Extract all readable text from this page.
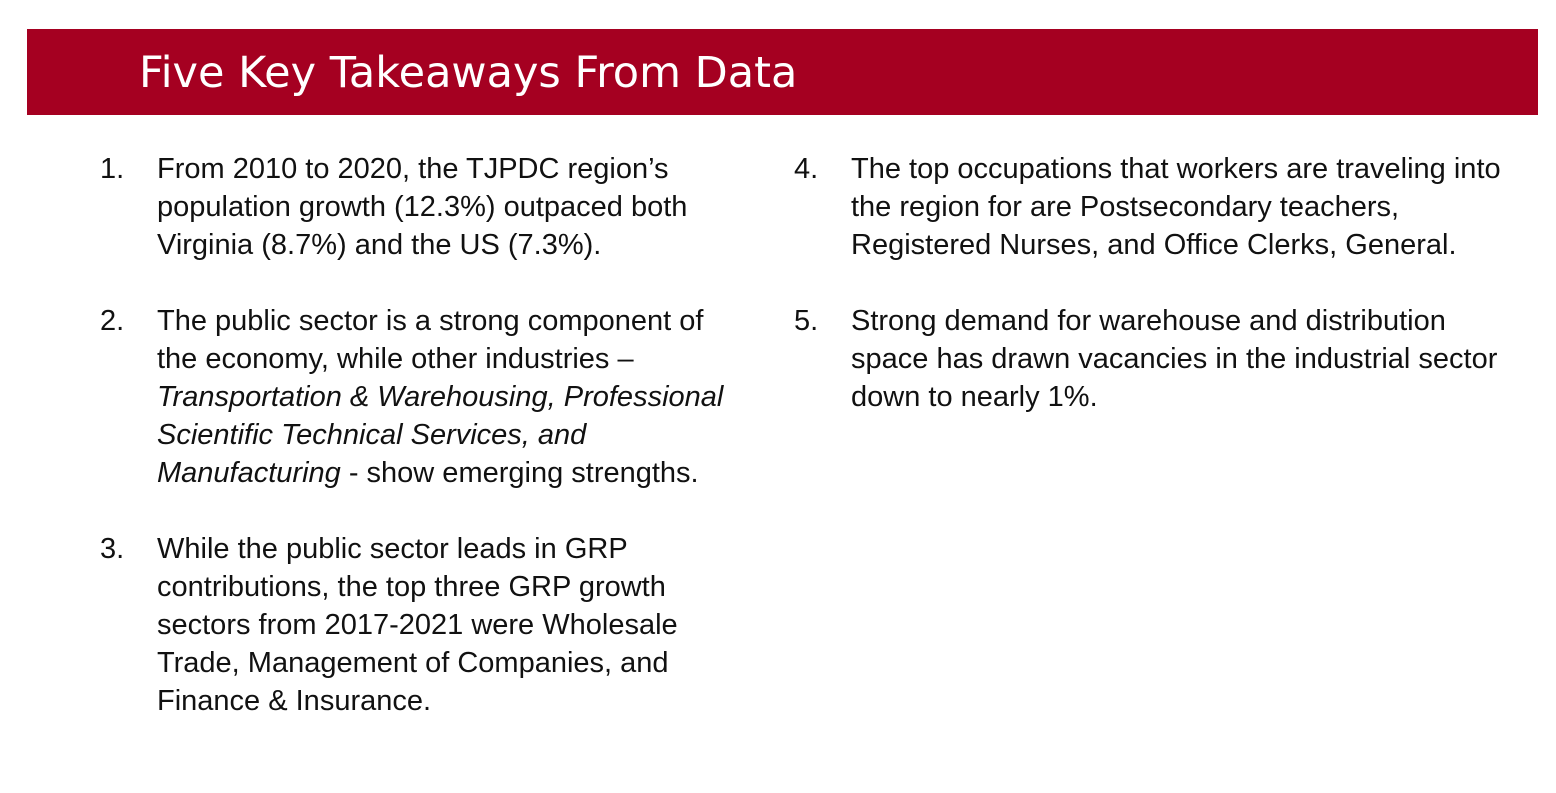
Five Key Takeaways From Data
1. From 2010 to 2020, the TJPDC region’s population growth (12.3%) outpaced both Virginia (8.7%) and the US (7.3%).
2. The public sector is a strong component of the economy, while other industries – Transportation & Warehousing, Professional Scientific Technical Services, and Manufacturing - show emerging strengths.
3. While the public sector leads in GRP contributions, the top three GRP growth sectors from 2017-2021 were Wholesale Trade, Management of Companies, and Finance & Insurance.
4. The top occupations that workers are traveling into the region for are Postsecondary teachers, Registered Nurses, and Office Clerks, General.
5. Strong demand for warehouse and distribution space has drawn vacancies in the industrial sector down to nearly 1%.
